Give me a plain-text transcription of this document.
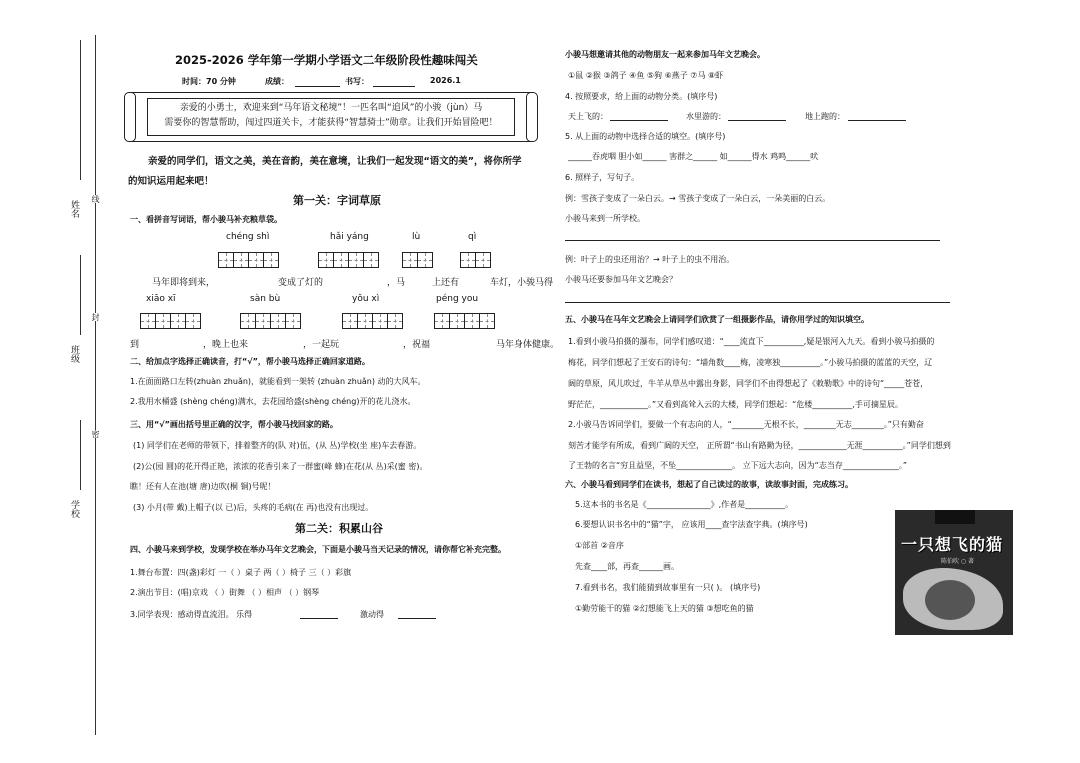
姓名
班级
学校
线
封
密
2025-2026 学年第一学期小学语文二年级阶段性趣味闯关
时间：70 分钟	成绩：	书写：	2026.1
亲爱的小勇士，欢迎来到“马年语文秘境”！一匹名叫“追风”的小骏（jùn）马
需要你的智慧帮助，闯过四道关卡，才能获得“智慧骑士”勋章。让我们开始冒险吧！
亲爱的同学们，语文之美，美在音韵，美在意境，让我们一起发现“语文的美”，将你所学
的知识运用起来吧！
第一关：字词草原
一、看拼音写词语，帮小骏马补充粮草袋。
chéng shì	hǎi yáng	lù	qì
马年即将到来，	变成了灯的	，马	上还有	车灯，小骏马得
xiāo xī	sàn bù	yǒu xì	péng you
到	，晚上也来	，一起玩	，祝福	马年身体健康。
二、给加点字选择正确读音，打“√”，帮小骏马选择正确回家道路。
1.在面面路口左转(zhuàn zhuǎn)，就能看到一架转 (zhuàn zhuǎn) 动的大风车。
2.我用水桶盛 (shèng chéng)满水，去花园给盛(shèng chéng)开的花儿浇水。
三、用“√”画出括号里正确的汉字，帮小骏马找回家的路。
(1) 同学们在老师的带领下，排着整齐的(队 对)伍，(从 丛)学校(坐 座)车去春游。
(2)公(园 圆)的花开得正艳，浓浓的花香引来了一群蜜(峰 蜂)在花(从 丛)采(蜜 密)。
瞧！还有人在池(塘 唐)边吹(桐 铜)号呢！
(3) 小月(带 戴)上帽子(以 已)后，头疼的毛病(在 再)也没有出现过。
第二关：积累山谷
四、小骏马来到学校，发现学校在举办马年文艺晚会，下面是小骏马当天记录的情况，请你帮它补充完整。
1.舞台布置：四(盏)彩灯 一（ ）桌子 两（ ）椅子 三（ ）彩旗
2.演出节目：(唱)京戏 （ ）街舞 （ ）相声 （ ）钢琴
3.同学表现：感动得直流泪。 乐得	激动得
小骏马想邀请其他的动物朋友一起来参加马年文艺晚会。
①鼠 ②猴 ③鸽子 ④鱼 ⑤狗 ⑥燕子 ⑦马 ⑧虾
4. 按照要求，给上面的动物分类。(填序号)
天上飞的：	水里游的：	地上跑的：
5. 从上面的动物中选择合适的填空。(填序号)
______吞虎咽 胆小如______ 害群之______ 如______得水 鸡鸣______吠
6. 照样子，写句子。
例：雪孩子变成了一朵白云。→ 雪孩子变成了一朵白云，一朵美丽的白云。
小骏马来到一所学校。
例：叶子上的虫还用治？→ 叶子上的虫不用治。
小骏马还要参加马年文艺晚会？
五、小骏马在马年文艺晚会上请同学们欣赏了一组摄影作品，请你用学过的知识填空。
1.看到小骏马拍摄的瀑布，同学们感叹道：“____流直下__________,疑是银河入九天。看到小骏马拍摄的
梅花，同学们想起了王安石的诗句：“墙角数____梅，凌寒独__________。”小骏马拍摄的蓝蓝的天空，辽
阔的草原，风儿吹过，牛羊从草丛中露出身影，同学们不由得想起了《敕勒歌》中的诗句“_____苍苍，
野茫茫，____________。”又看到高耸入云的大楼，同学们想起：“危楼__________,手可摘星辰。
2.小骏马告诉同学们，要做一个有志向的人，“________无根不长，________无志________。”只有勤奋
刻苦才能学有所成，看到广阔的天空， 正所谓“书山有路勤为径，____________无涯__________。”同学们想到
了王勃的名言“穷且益坚，不坠______________。 立下远大志向，因为“志当存______________。”
六、小骏马看到同学们在读书，想起了自己读过的故事，读故事封面，完成练习。
5.这本书的书名是《________________》,作者是__________。
6.要想认识书名中的“猫”字， 应该用____查字法查字典。(填序号)
①部首 ②音序
先查____部，再查______画。
7.看到书名，我们能猜到故事里有一只( )。 (填序号)
①勤劳能干的猫 ②幻想能飞上天的猫 ③想吃鱼的猫
一只想飞的猫
陈伯吹 ○ 著
